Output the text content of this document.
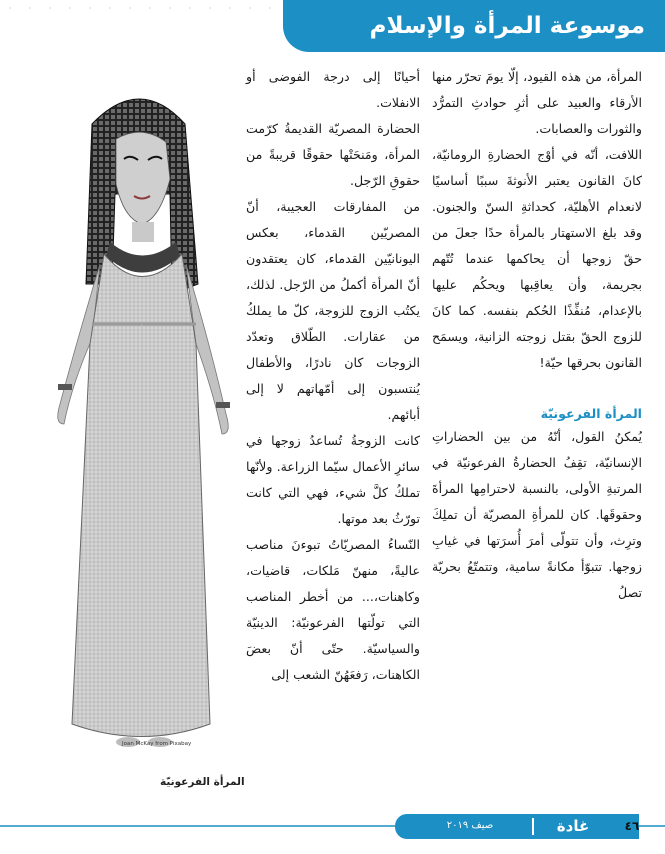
موسوعة المرأة والإسلام

المرأة، من هذه القيود، إلّا يومَ تحرّر منها الأرقاء والعبيد على أثرِ حوادثِ التمرُّد والثورات والعصابات.

اللافت، أنّه في أوْج الحضارةِ الرومانيّة، كانَ القانون يعتبر الأنوثةَ سببًا أساسيًا لانعدام الأهليّة، كحداثةِ السنّ والجنون. وقد بلغ الاستهتار بالمرأة حدًا جعلَ من حقّ زوجها أن يحاكمها عندما تُتّهم بجريمة، وأن يعاقِبها ويحكُم عليها بالإعدام، مُنفِّذًا الحُكم بنفسه. كما كانَ للزوج الحقّ بقتل زوجته الزانية، ويسمَح القانون بحرقها حيّة!

المرأة الفرعونيّة

يُمكنُ القول، أنّهُ من بين الحضاراتِ الإنسانيّة، تقِفُ الحضارةُ الفرعونيّة في المرتبةِ الأولى، بالنسبة لاحترامِها المرأةَ وحقوقَها. كان للمرأةِ المصريّة أن تملِكَ وترِث، وأن تتولّى أمرَ أُسرَتها في غيابِ زوجها. تتبوّأ مكانةً سامية، وتتمتّعُ بحريّة تصلُ

أحيانًا إلى درجة الفوضى أو الانفلات.

الحضارة المصريّة القديمةُ كرّمت المرأة، ومَنحَتْها حقوقًا قريبةً من حقوقِ الرّجل.

من المفارقات العجيبة، أنّ المصريّين القدماء، بعكس اليونانيّين القدماء، كان يعتقدون أنّ المرأة أكملُ من الرّجل. لذلك، يكتُب الزوج للزوجة، كلّ ما يملكُ من عقارات. الطّلاق وتعدّد الزوجات كان نادرًا، والأطفال يُنتسبون إلى أمّهاتهم لا إلى أبائهم.

كانت الزوجةُ تُساعدُ زوجها في سائرِ الأعمال سيّما الزراعة. ولأنّها تملكُ كلَّ شيء، فهي التي كانت تورّثُ بعد موتها.

النّساءُ المصريّاتُ تبوءنَ مناصب عاليةً، منهنّ مَلكات، قاضيات، وكاهنات،... من أخطر المناصب التي تولّتها الفرعونيّة: الدينيّة والسياسيّة. حتّى أنّ بعضَ الكاهنات، رَفعَهُنّ الشعب إلى

Joan McKay from Pixabay
المرأة الفرعونيّة
صيف ٢٠١٩	غادة	٤٦
